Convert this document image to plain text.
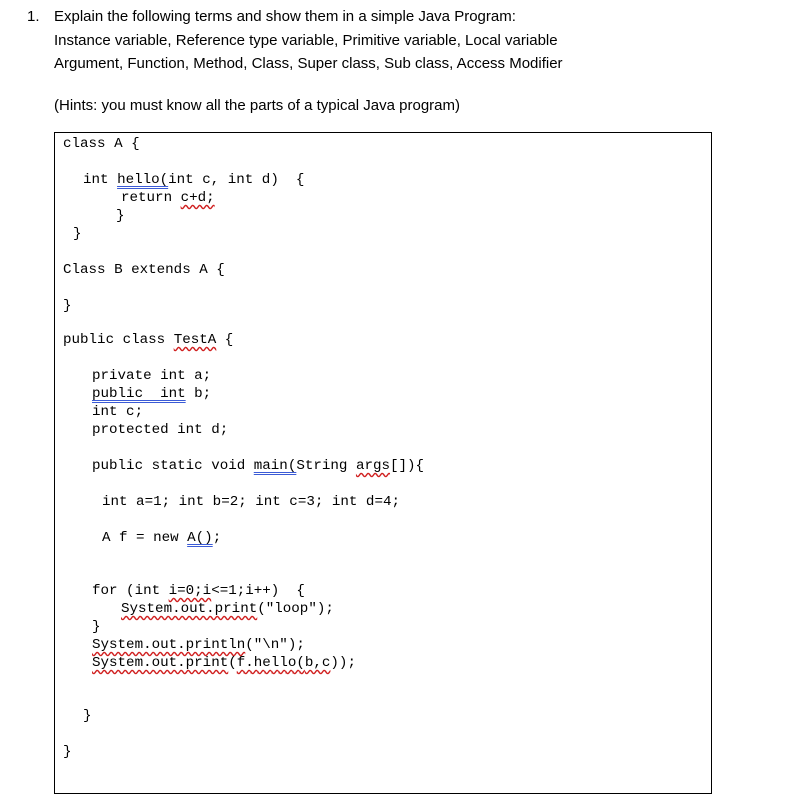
1. Explain the following terms and show them in a simple Java Program:
Instance variable, Reference type variable, Primitive variable, Local variable
Argument, Function, Method, Class, Super class, Sub class, Access Modifier
(Hints: you must know all the parts of a typical Java program)
class A {
int hello(int c, int d)  {
return c+d;
}
}
Class B extends A {
}
public class TestA {
private int a;
public  int b;
int c;
protected int d;
public static void main(String args[]){
int a=1; int b=2; int c=3; int d=4;
A f = new A();
for (int i=0;i<=1;i++)  {
System.out.print("loop");
}
System.out.println("\n");
System.out.print(f.hello(b,c));
}
}
